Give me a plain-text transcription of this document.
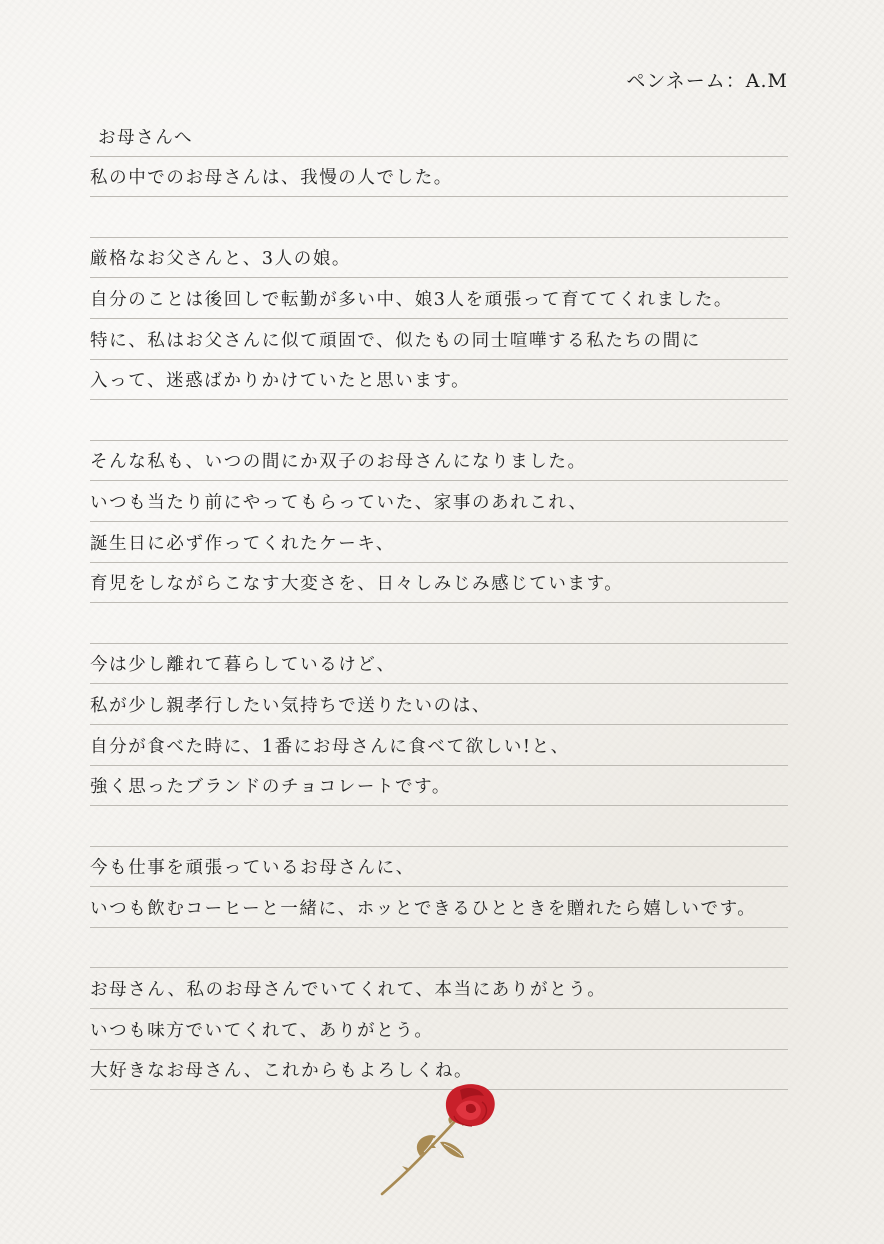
ペンネーム：A.M
お母さんへ
私の中でのお母さんは、我慢の人でした。
厳格なお父さんと、3人の娘。
自分のことは後回しで転勤が多い中、娘3人を頑張って育ててくれました。
特に、私はお父さんに似て頑固で、似たもの同士喧嘩する私たちの間に
入って、迷惑ばかりかけていたと思います。
そんな私も、いつの間にか双子のお母さんになりました。
いつも当たり前にやってもらっていた、家事のあれこれ、
誕生日に必ず作ってくれたケーキ、
育児をしながらこなす大変さを、日々しみじみ感じています。
今は少し離れて暮らしているけど、
私が少し親孝行したい気持ちで送りたいのは、
自分が食べた時に、1番にお母さんに食べて欲しい!と、
強く思ったブランドのチョコレートです。
今も仕事を頑張っているお母さんに、
いつも飲むコーヒーと一緒に、ホッとできるひとときを贈れたら嬉しいです。
お母さん、私のお母さんでいてくれて、本当にありがとう。
いつも味方でいてくれて、ありがとう。
大好きなお母さん、これからもよろしくね。
